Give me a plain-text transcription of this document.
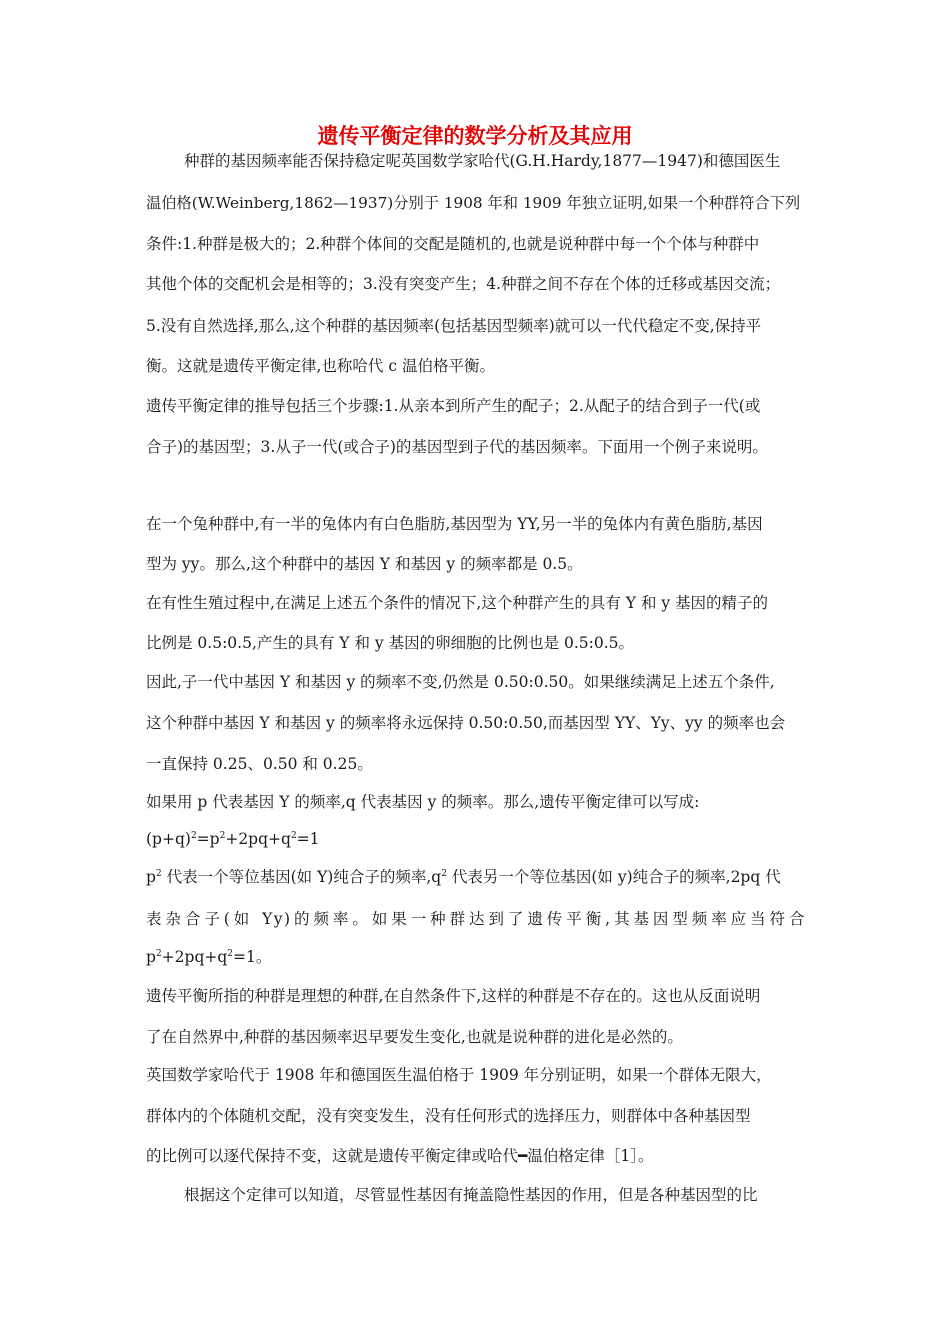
遗传平衡定律的数学分析及其应用
种群的基因频率能否保持稳定呢英国数学家哈代(G.H.Hardy,1877—1947)和德国医生
温伯格(W.Weinberg,1862—1937)分别于 1908 年和 1909 年独立证明,如果一个种群符合下列
条件:1.种群是极大的；2.种群个体间的交配是随机的,也就是说种群中每一个个体与种群中
其他个体的交配机会是相等的；3.没有突变产生；4.种群之间不存在个体的迁移或基因交流；
5.没有自然选择,那么,这个种群的基因频率(包括基因型频率)就可以一代代稳定不变,保持平
衡。这就是遗传平衡定律,也称哈代 c 温伯格平衡。
遗传平衡定律的推导包括三个步骤:1.从亲本到所产生的配子；2.从配子的结合到子一代(或
合子)的基因型；3.从子一代(或合子)的基因型到子代的基因频率。下面用一个例子来说明。
在一个兔种群中,有一半的兔体内有白色脂肪,基因型为 YY,另一半的兔体内有黄色脂肪,基因
型为 yy。那么,这个种群中的基因 Y 和基因 y 的频率都是 0.5。
在有性生殖过程中,在满足上述五个条件的情况下,这个种群产生的具有 Y 和 y 基因的精子的
比例是 0.5:0.5,产生的具有 Y 和 y 基因的卵细胞的比例也是 0.5:0.5。
因此,子一代中基因 Y 和基因 y 的频率不变,仍然是 0.50:0.50。如果继续满足上述五个条件,
这个种群中基因 Y 和基因 y 的频率将永远保持 0.50:0.50,而基因型 YY、Yy、yy 的频率也会
一直保持 0.25、0.50 和 0.25。
如果用 p 代表基因 Y 的频率,q 代表基因 y 的频率。那么,遗传平衡定律可以写成:
$(p+q)^2=p^2+2pq+q^2=1$
$p^2$ 代表一个等位基因(如 Y)纯合子的频率$,q^2$ 代表另一个等位基因(如 y)纯合子的频率,2pq 代
表杂合子(如 Yy)的频率。如果一种群达到了遗传平衡,其基因型频率应当符合
$p^2+2pq+q^2=1$。
遗传平衡所指的种群是理想的种群,在自然条件下,这样的种群是不存在的。这也从反面说明
了在自然界中,种群的基因频率迟早要发生变化,也就是说种群的进化是必然的。
英国数学家哈代于 1908 年和德国医生温伯格于 1909 年分别证明，如果一个群体无限大，
群体内的个体随机交配，没有突变发生，没有任何形式的选择压力，则群体中各种基因型
的比例可以逐代保持不变，这就是遗传平衡定律或哈代━温伯格定律［1］。
根据这个定律可以知道，尽管显性基因有掩盖隐性基因的作用，但是各种基因型的比
